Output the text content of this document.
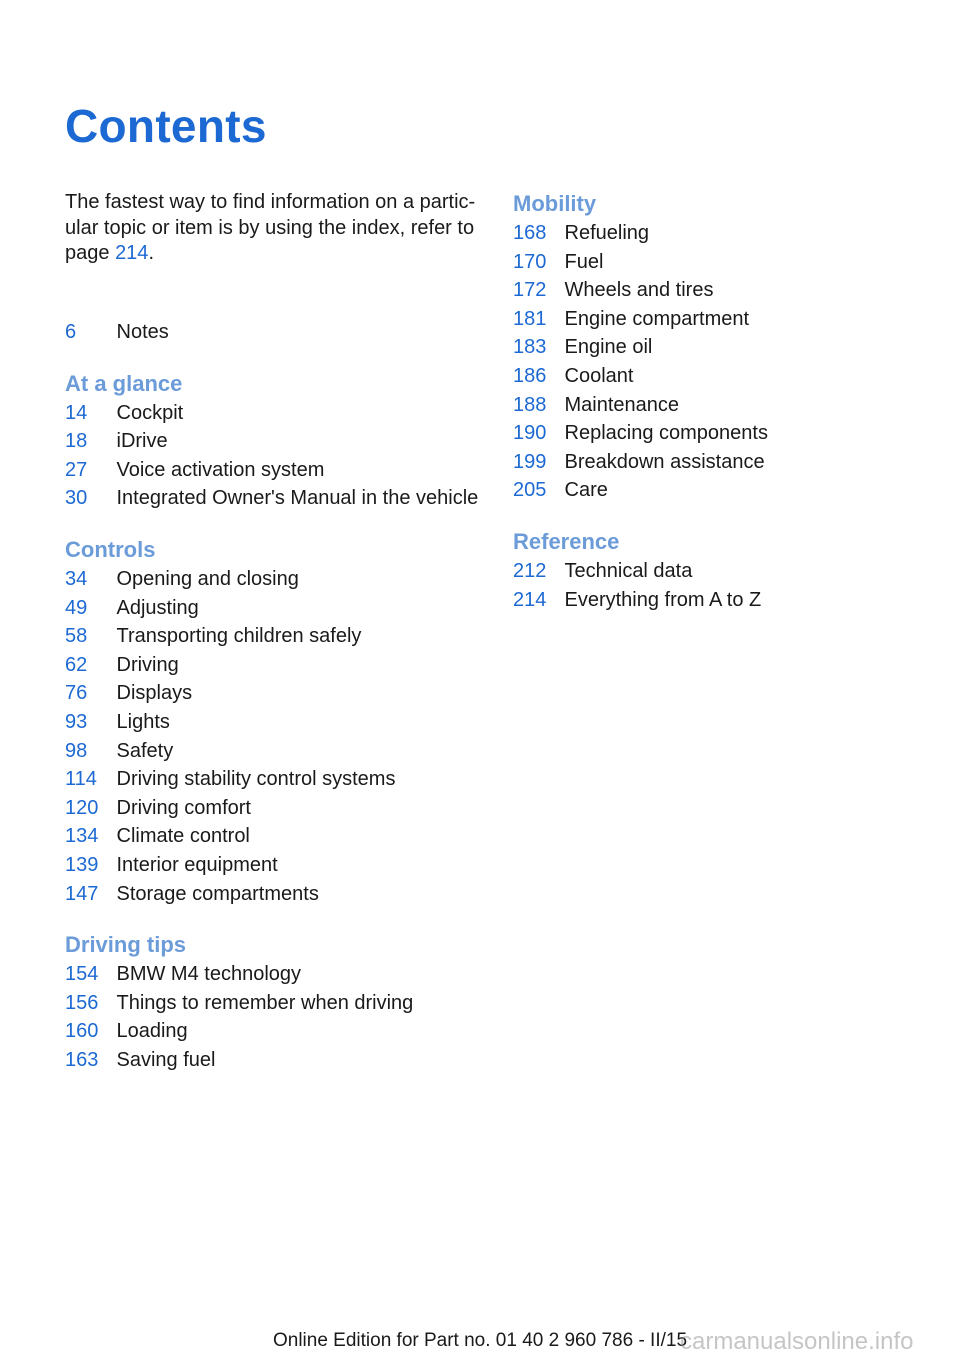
Contents
The fastest way to find information on a partic‐ ular topic or item is by using the index, refer to page 214.
6	Notes
At a glance
14	Cockpit
18	iDrive
27	Voice activation system
30	Integrated Owner's Manual in the vehicle
Controls
34	Opening and closing
49	Adjusting
58	Transporting children safely
62	Driving
76	Displays
93	Lights
98	Safety
114 Driving stability control systems
120 Driving comfort
134 Climate control
139 Interior equipment
147 Storage compartments
Driving tips
154 BMW M4 technology
156 Things to remember when driving
160 Loading
163 Saving fuel
Mobility
168 Refueling
170 Fuel
172 Wheels and tires
181 Engine compartment
183 Engine oil
186 Coolant
188 Maintenance
190 Replacing components
199 Breakdown assistance
205 Care
Reference
212 Technical data
214 Everything from A to Z
Online Edition for Part no. 01 40 2 960 786 - II/15
carmanualsonline.info
